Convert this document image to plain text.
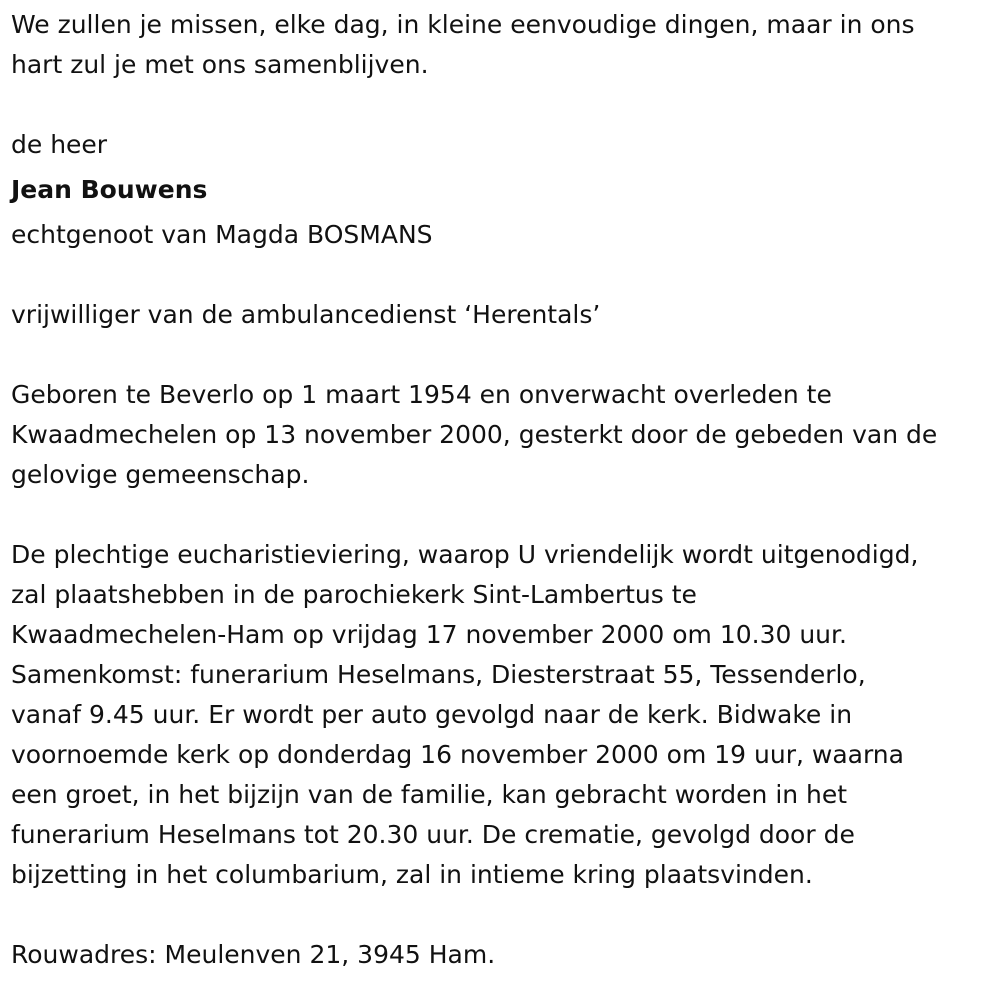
We zullen je missen, elke dag, in kleine eenvoudige dingen, maar in ons
hart zul je met ons samenblijven.
de heer
Jean Bouwens
echtgenoot van Magda BOSMANS
vrijwilliger van de ambulancedienst ‘Herentals’
Geboren te Beverlo op 1 maart 1954 en onverwacht overleden te
Kwaadmechelen op 13 november 2000, gesterkt door de gebeden van de
gelovige gemeenschap.
De plechtige eucharistieviering, waarop U vriendelijk wordt uitgenodigd,
zal plaatshebben in de parochiekerk Sint-Lambertus te
Kwaadmechelen-Ham op vrijdag 17 november 2000 om 10.30 uur.
Samenkomst: funerarium Heselmans, Diesterstraat 55, Tessenderlo,
vanaf 9.45 uur. Er wordt per auto gevolgd naar de kerk. Bidwake in
voornoemde kerk op donderdag 16 november 2000 om 19 uur, waarna
een groet, in het bijzijn van de familie, kan gebracht worden in het
funerarium Heselmans tot 20.30 uur. De crematie, gevolgd door de
bijzetting in het columbarium, zal in intieme kring plaatsvinden.
Rouwadres: Meulenven 21, 3945 Ham.
